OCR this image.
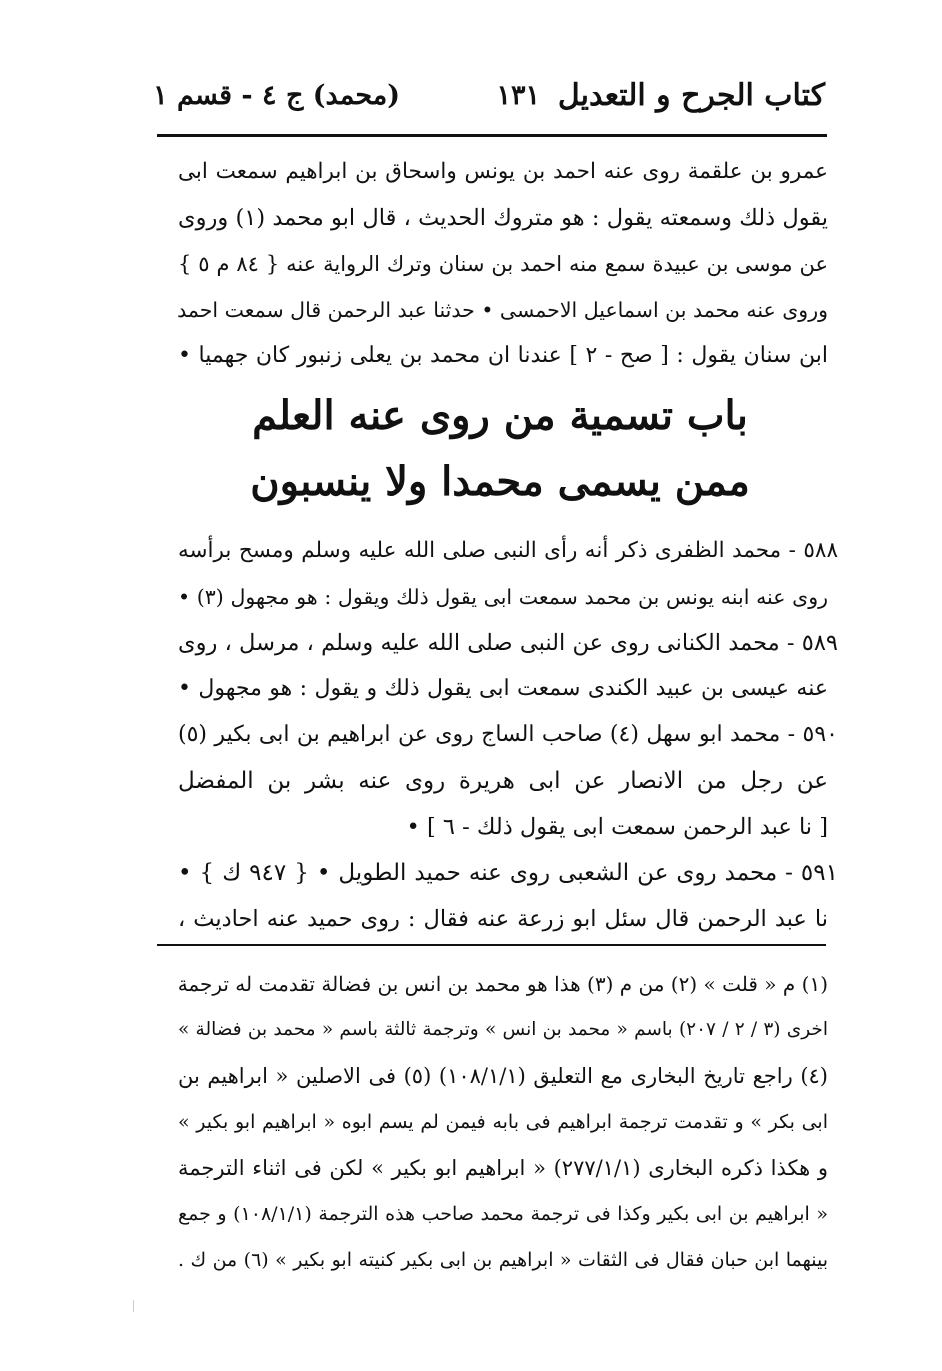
كتاب الجرح و التعديل
١٣١
(محمد) ج ٤ - قسم ١
عمرو بن علقمة روى عنه احمد بن يونس واسحاق بن ابراهيم سمعت ابى
يقول ذلك وسمعته يقول : هو متروك الحديث ، قال ابو محمد (١) وروى
عن موسى بن عبيدة سمع منه احمد بن سنان وترك الرواية عنه { ٨٤ م ٥ }
وروى عنه محمد بن اسماعيل الاحمسى • حدثنا عبد الرحمن قال سمعت احمد
ابن سنان يقول : [ صح - ٢ ] عندنا ان محمد بن يعلى زنبور كان جهميا •
باب تسمية من روى عنه العلم
ممن يسمى محمدا ولا ينسبون
٥٨٨ - محمد الظفرى ذكر أنه رأى النبى صلى الله عليه وسلم ومسح برأسه
روى عنه ابنه يونس بن محمد سمعت ابى يقول ذلك ويقول : هو مجهول (٣) •
٥٨٩ - محمد الكنانى روى عن النبى صلى الله عليه وسلم ، مرسل ، روى
عنه عيسى بن عبيد الكندى سمعت ابى يقول ذلك و يقول : هو مجهول •
٥٩٠ - محمد ابو سهل (٤) صاحب الساج روى عن ابراهيم بن ابى بكير (٥)
عن رجل من الانصار عن ابى هريرة روى عنه بشر بن المفضل
[ نا عبد الرحمن سمعت ابى يقول ذلك - ٦ ] •
٥٩١ - محمد روى عن الشعبى روى عنه حميد الطويل • { ٩٤٧ ك } •
نا عبد الرحمن قال سئل ابو زرعة عنه فقال : روى حميد عنه احاديث ،
(١) م « قلت » (٢) من م (٣) هذا هو محمد بن انس بن فضالة تقدمت له ترجمة
اخرى (٣ / ٢ / ٢٠٧) باسم « محمد بن انس » وترجمة ثالثة باسم « محمد بن فضالة »
(٤) راجع تاريخ البخارى مع التعليق (١٠٨/١/١) (٥) فى الاصلين « ابراهيم بن
ابى بكر » و تقدمت ترجمة ابراهيم فى بابه فيمن لم يسم ابوه « ابراهيم ابو بكير »
و هكذا ذكره البخارى (٢٧٧/١/١) « ابراهيم ابو بكير » لكن فى اثناء الترجمة
« ابراهيم بن ابى بكير وكذا فى ترجمة محمد صاحب هذه الترجمة (١٠٨/١/١) و جمع
بينهما ابن حبان فقال فى الثقات « ابراهيم بن ابى بكير كنيته ابو بكير » (٦) من ك .
